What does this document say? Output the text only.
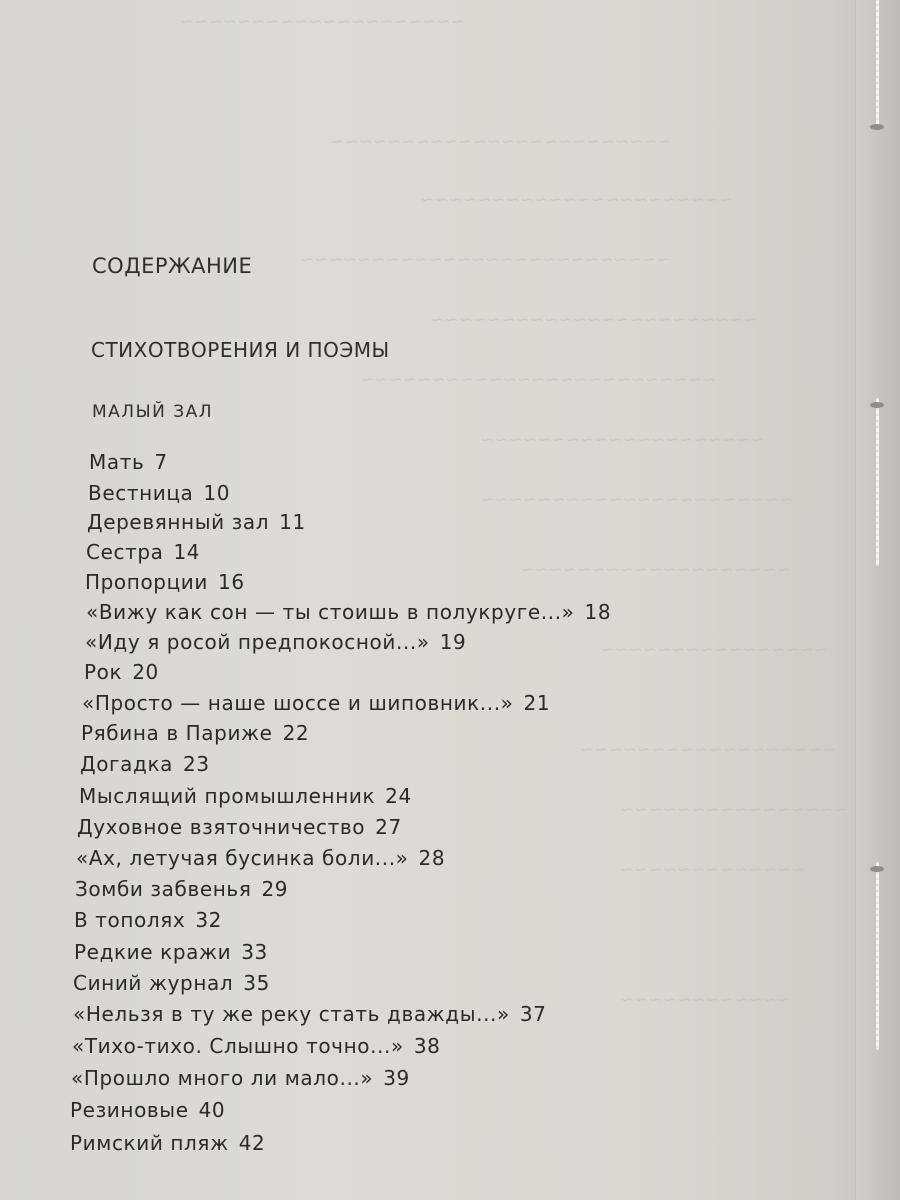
~~~~~~~~~~~~~~~~~~~~
~~~~~~~~~~~~~~~~~~~~~~~~
~~~~~~~~~~~~~~~~~~~~~~
~~~~~~~~~~~~~~~~~~~~~~~~~~
~~~~~~~~~~~~~~~~~~~~~~~
~~~~~~~~~~~~~~~~~~~~~~~~~
~~~~~~~~~~~~~~~~~~~~
~~~~~~~~~~~~~~~~~~~~~~
~~~~~~~~~~~~~~~~~~~
~~~~~~~~~~~~~~~~
~~~~~~~~~~~~~~~~~~
~~~~~~~~~~~~~~~~
~~~~~~~~~~~~~
~~~~~~~~~~~~
СОДЕРЖАНИЕ
СТИХОТВОРЕНИЯ И ПОЭМЫ
МАЛЫЙ ЗАЛ
Мать 7
Вестница 10
Деревянный зал 11
Сестра 14
Пропорции 16
«Вижу как сон — ты стоишь в полукруге...» 18
«Иду я росой предпокосной...» 19
Рок 20
«Просто — наше шоссе и шиповник...» 21
Рябина в Париже 22
Догадка 23
Мыслящий промышленник 24
Духовное взяточничество 27
«Ах, летучая бусинка боли...» 28
Зомби забвенья 29
В тополях 32
Редкие кражи 33
Синий журнал 35
«Нельзя в ту же реку стать дважды...» 37
«Тихо-тихо. Слышно точно...» 38
«Прошло много ли мало...» 39
Резиновые 40
Римский пляж 42
